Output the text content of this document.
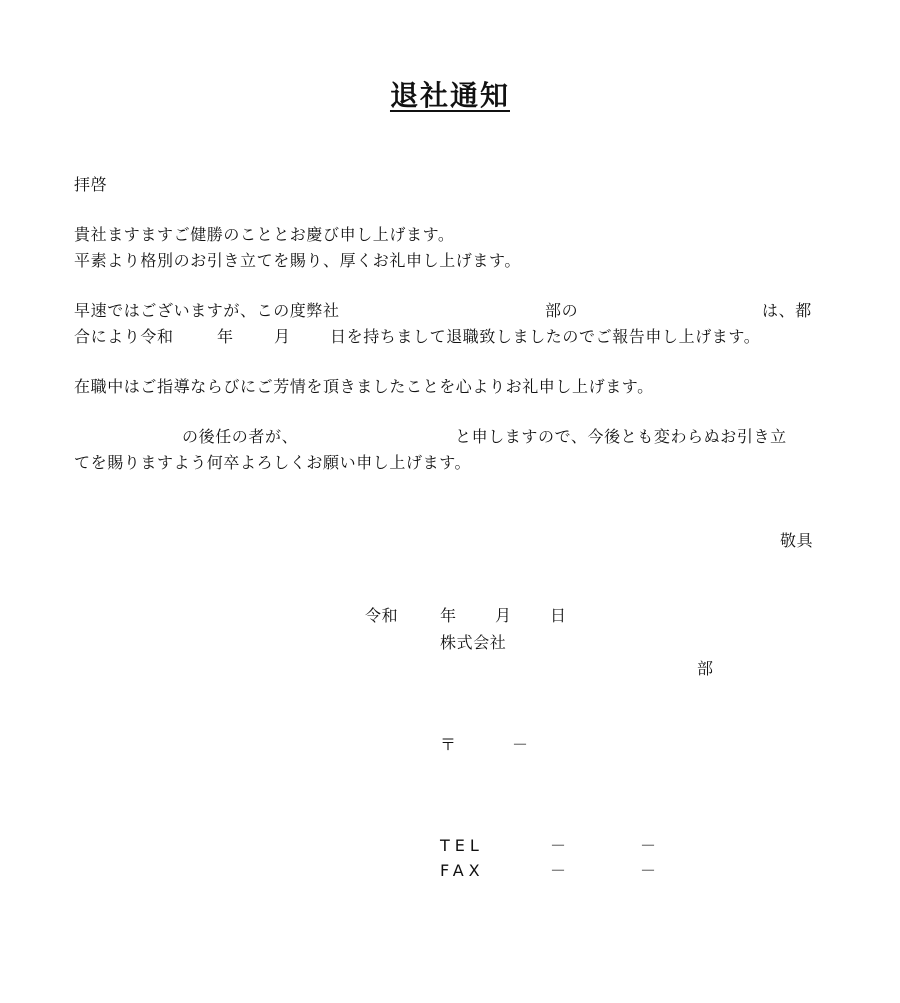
退社通知
拝啓
貴社ますますご健勝のこととお慶び申し上げます。
平素より格別のお引き立てを賜り、厚くお礼申し上げます。
早速ではございますが、この度弊社	部の	は、都
合により令和	年	月 日を持ちまして退職致しましたのでご報告申し上げます。
在職中はご指導ならびにご芳情を頂きましたことを心よりお礼申し上げます。
の後任の者が、	と申しますので、今後とも変わらぬお引き立
てを賜りますよう何卒よろしくお願い申し上げます。
敬具
令和	年 月 日
株式会社
部
〒	－
TEL	－	－
FAX	－	－
